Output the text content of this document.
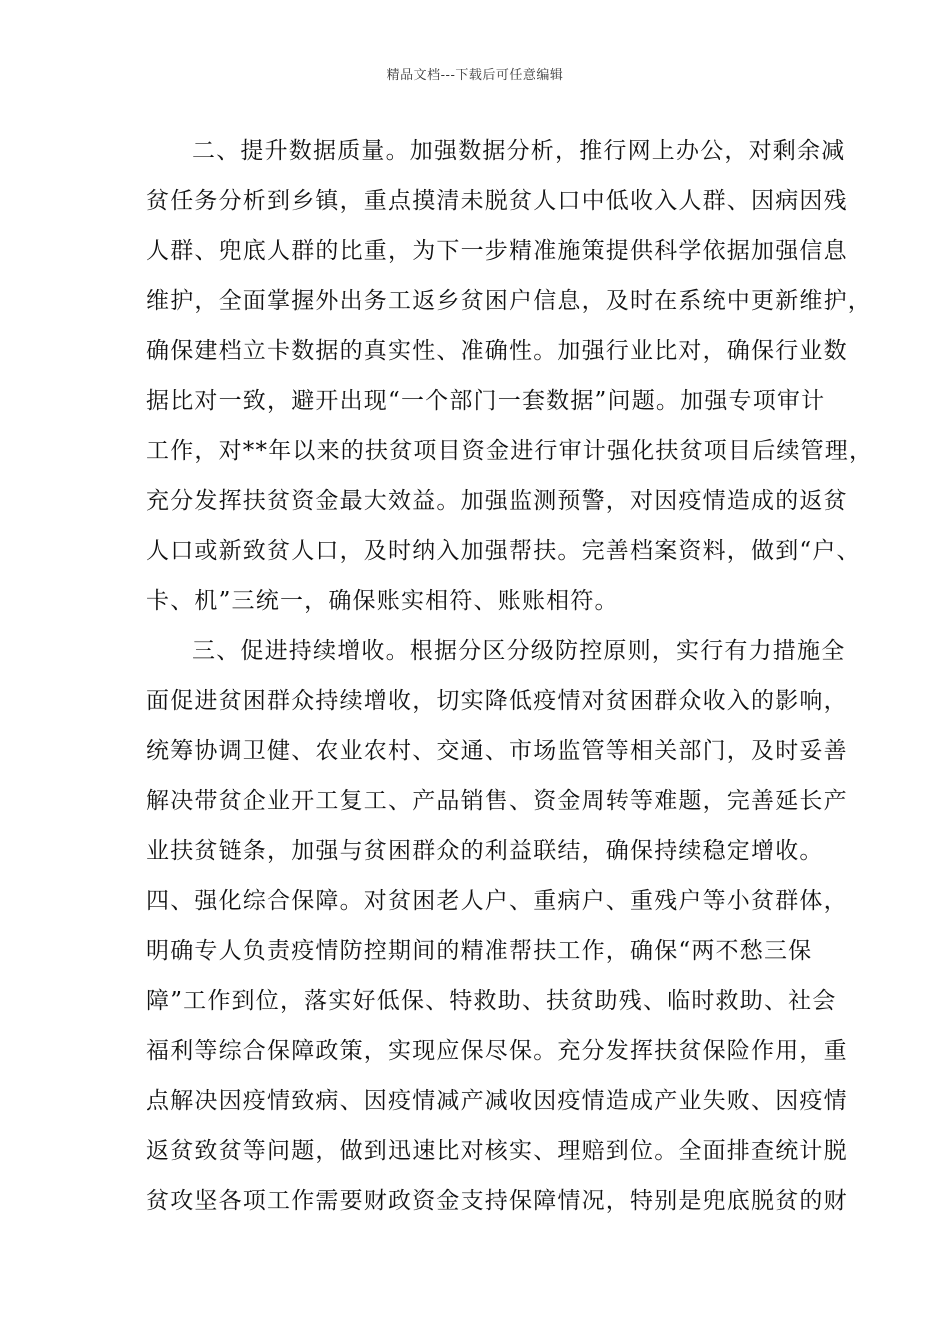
精品文档---下载后可任意编辑
二、提升数据质量。加强数据分析，推行网上办公，对剩余减
贫任务分析到乡镇，重点摸清未脱贫人口中低收入人群、因病因残
人群、兜底人群的比重，为下一步精准施策提供科学依据加强信息
维护，全面掌握外出务工返乡贫困户信息，及时在系统中更新维护，
确保建档立卡数据的真实性、准确性。加强行业比对，确保行业数
据比对一致，避开出现“一个部门一套数据”问题。加强专项审计
工作，对**年以来的扶贫项目资金进行审计强化扶贫项目后续管理，
充分发挥扶贫资金最大效益。加强监测预警，对因疫情造成的返贫
人口或新致贫人口，及时纳入加强帮扶。完善档案资料，做到“户、
卡、机”三统一，确保账实相符、账账相符。
三、促进持续增收。根据分区分级防控原则，实行有力措施全
面促进贫困群众持续增收，切实降低疫情对贫困群众收入的影响，
统筹协调卫健、农业农村、交通、市场监管等相关部门，及时妥善
解决带贫企业开工复工、产品销售、资金周转等难题，完善延长产
业扶贫链条，加强与贫困群众的利益联结，确保持续稳定增收。
四、强化综合保障。对贫困老人户、重病户、重残户等小贫群体，
明确专人负责疫情防控期间的精准帮扶工作，确保“两不愁三保
障”工作到位，落实好低保、特救助、扶贫助残、临时救助、社会
福利等综合保障政策，实现应保尽保。充分发挥扶贫保险作用，重
点解决因疫情致病、因疫情减产减收因疫情造成产业失败、因疫情
返贫致贫等问题，做到迅速比对核实、理赔到位。全面排查统计脱
贫攻坚各项工作需要财政资金支持保障情况，特别是兜底脱贫的财
